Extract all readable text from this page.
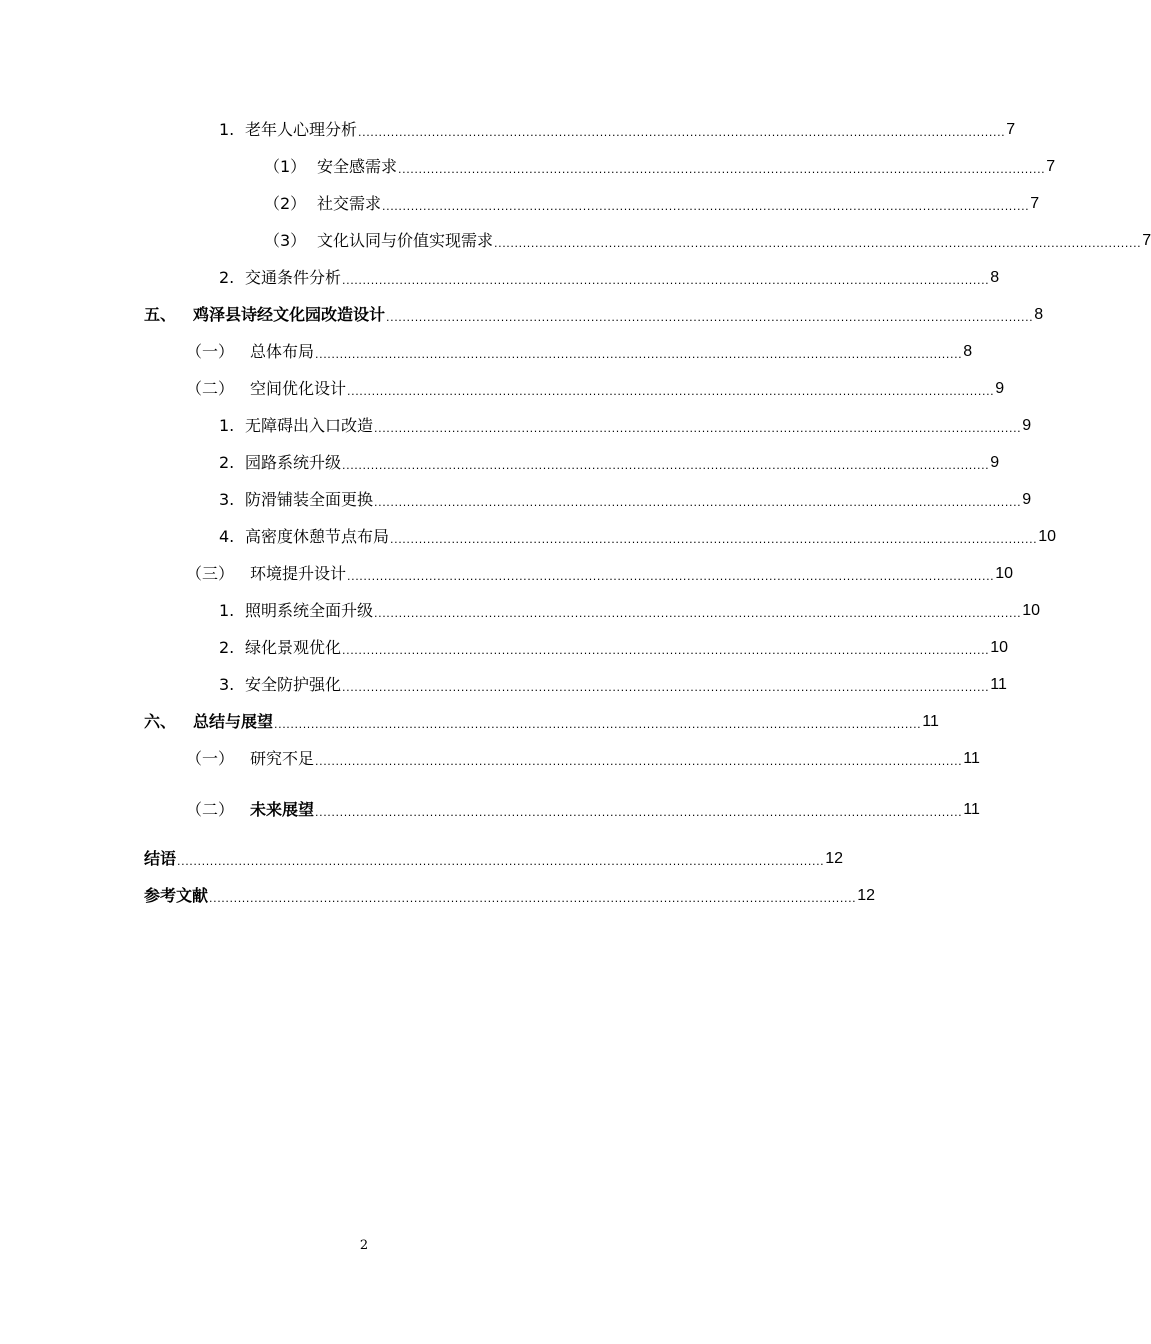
1. 老年人心理分析 .............................................................................................................................................................. 7
（1） 安全感需求 .............................................................................................................................................................. 7
（2） 社交需求 .............................................................................................................................................................. 7
（3） 文化认同与价值实现需求 .............................................................................................................................................................. 7
2. 交通条件分析 .............................................................................................................................................................. 8
五、	鸡泽县诗经文化园改造设计 .............................................................................................................................................................. 8
（一） 总体布局 .............................................................................................................................................................. 8
（二） 空间优化设计 .............................................................................................................................................................. 9
1. 无障碍出入口改造 .............................................................................................................................................................. 9
2. 园路系统升级 .............................................................................................................................................................. 9
3. 防滑铺装全面更换 .............................................................................................................................................................. 9
4. 高密度休憩节点布局 .............................................................................................................................................................. 10
（三） 环境提升设计 .............................................................................................................................................................. 10
1. 照明系统全面升级 .............................................................................................................................................................. 10
2. 绿化景观优化 .............................................................................................................................................................. 10
3. 安全防护强化 .............................................................................................................................................................. 11
六、	总结与展望 .............................................................................................................................................................. 11
（一） 研究不足 .............................................................................................................................................................. 11
（二） 未来展望 .............................................................................................................................................................. 11
结语 .............................................................................................................................................................. 12
参考文献 .............................................................................................................................................................. 12
2
